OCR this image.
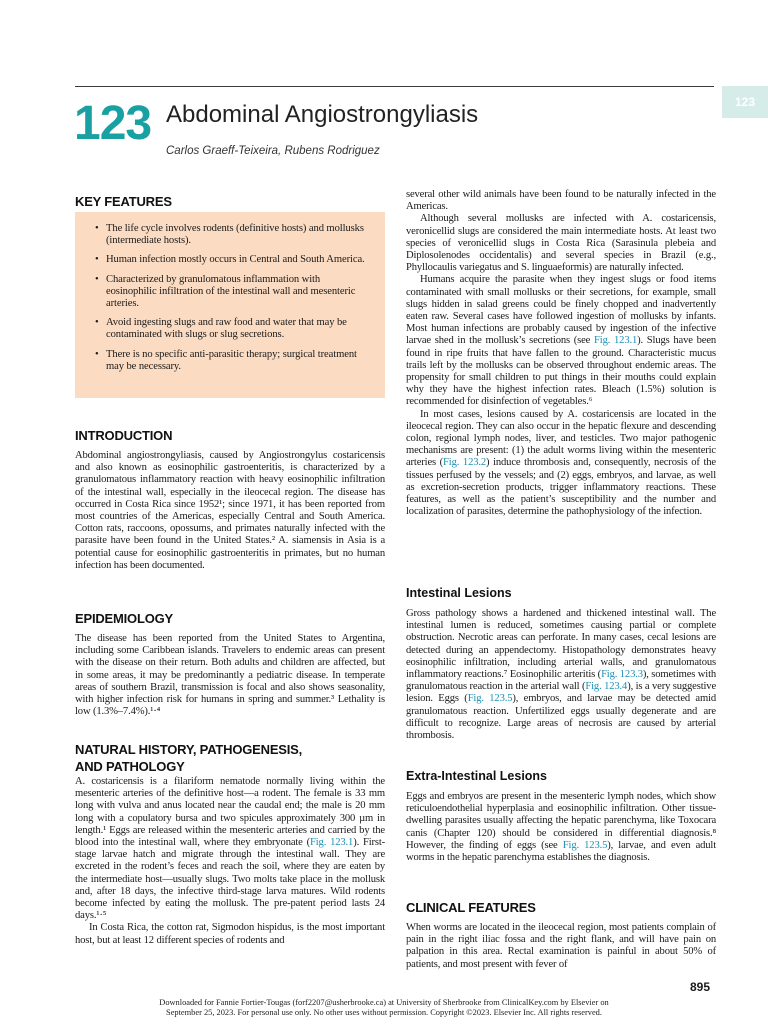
123
123 Abdominal Angiostrongyliasis
Carlos Graeff-Teixeira, Rubens Rodriguez
KEY FEATURES
• The life cycle involves rodents (definitive hosts) and mollusks (intermediate hosts).
• Human infection mostly occurs in Central and South America.
• Characterized by granulomatous inflammation with eosinophilic infiltration of the intestinal wall and mesenteric arteries.
• Avoid ingesting slugs and raw food and water that may be contaminated with slugs or slug secretions.
• There is no specific anti-parasitic therapy; surgical treatment may be necessary.
INTRODUCTION

Abdominal angiostrongyliasis, caused by Angiostrongylus costaricensis and also known as eosinophilic gastroenteritis, is characterized by a granulomatous inflammatory reaction with heavy eosinophilic infiltration of the intestinal wall, especially in the ileocecal region. The disease has occurred in Costa Rica since 1952¹; since 1971, it has been reported from most countries of the Americas, especially Central and South America. Cotton rats, raccoons, opossums, and primates naturally infected with the parasite have been found in the United States.² A. siamensis in Asia is a potential cause for eosinophilic gastroenteritis in primates, but no human infection has been documented.

EPIDEMIOLOGY

The disease has been reported from the United States to Argentina, including some Caribbean islands. Travelers to endemic areas can present with the disease on their return. Both adults and children are affected, but in some areas, it may be predominantly a pediatric disease. In temperate areas of southern Brazil, transmission is focal and also shows seasonality, with higher infection risk for humans in spring and summer.³ Lethality is low (1.3%–7.4%).¹·⁴

NATURAL HISTORY, PATHOGENESIS,
AND PATHOLOGY

A. costaricensis is a filariform nematode normally living within the mesenteric arteries of the definitive host—a rodent. The female is 33 mm long with vulva and anus located near the caudal end; the male is 20 mm long with a copulatory bursa and two spicules approximately 300 µm in length.¹ Eggs are released within the mesenteric arteries and carried by the blood into the intestinal wall, where they embryonate (Fig. 123.1). First-stage larvae hatch and migrate through the intestinal wall. They are excreted in the rodent’s feces and reach the soil, where they are eaten by the intermediate host—usually slugs. Two molts take place in the mollusk and, after 18 days, the infective third-stage larva matures. Wild rodents become infected by eating the mollusk. The pre-patent period lasts 24 days.¹·⁵

In Costa Rica, the cotton rat, Sigmodon hispidus, is the most important host, but at least 12 different species of rodents and

several other wild animals have been found to be naturally infected in the Americas.

Although several mollusks are infected with A. costaricensis, veronicellid slugs are considered the main intermediate hosts. At least two species of veronicellid slugs in Costa Rica (Sarasinula plebeia and Diplosolenodes occidentalis) and several species in Brazil (e.g., Phyllocaulis variegatus and S. linguaeformis) are naturally infected.

Humans acquire the parasite when they ingest slugs or food items contaminated with small mollusks or their secretions, for example, small slugs hidden in salad greens could be finely chopped and inadvertently eaten raw. Several cases have followed ingestion of mollusks by infants. Most human infections are probably caused by ingestion of the infective larvae shed in the mollusk’s secretions (see Fig. 123.1). Slugs have been found in ripe fruits that have fallen to the ground. Characteristic mucus trails left by the mollusks can be observed throughout endemic areas. The propensity for small children to put things in their mouths could explain why they have the highest infection rates. Bleach (1.5%) solution is recommended for disinfection of vegetables.⁶

In most cases, lesions caused by A. costaricensis are located in the ileocecal region. They can also occur in the hepatic flexure and descending colon, regional lymph nodes, liver, and testicles. Two major pathogenic mechanisms are present: (1) the adult worms living within the mesenteric arteries (Fig. 123.2) induce thrombosis and, consequently, necrosis of the tissues perfused by the vessels; and (2) eggs, embryos, and larvae, as well as excretion-secretion products, trigger inflammatory reactions. These features, as well as the patient’s susceptibility and the number and localization of parasites, determine the pathophysiology of the infection.

Intestinal Lesions

Gross pathology shows a hardened and thickened intestinal wall. The intestinal lumen is reduced, sometimes causing partial or complete obstruction. Necrotic areas can perforate. In many cases, cecal lesions are detected during an appendectomy. Histopathology demonstrates heavy eosinophilic infiltration, including arterial walls, and granulomatous inflammatory reactions.⁷ Eosinophilic arteritis (Fig. 123.3), sometimes with granulomatous reaction in the arterial wall (Fig. 123.4), is a very suggestive lesion. Eggs (Fig. 123.5), embryos, and larvae may be detected amid granulomatous reaction. Unfertilized eggs usually degenerate and are difficult to recognize. Large areas of necrosis are caused by arterial thrombosis.

Extra-Intestinal Lesions

Eggs and embryos are present in the mesenteric lymph nodes, which show reticuloendothelial hyperplasia and eosinophilic infiltration. Other tissue-dwelling parasites usually affecting the hepatic parenchyma, like Toxocara canis (Chapter 120) should be considered in differential diagnosis.⁸ However, the finding of eggs (see Fig. 123.5), larvae, and even adult worms in the hepatic parenchyma establishes the diagnosis.

CLINICAL FEATURES

When worms are located in the ileocecal region, most patients complain of pain in the right iliac fossa and the right flank, and will have pain on palpation in this area. Rectal examination is painful in about 50% of patients, and most present with fever of

895
Downloaded for Fannie Fortier-Tougas (forf2207@usherbrooke.ca) at University of Sherbrooke from ClinicalKey.com by Elsevier on
September 25, 2023. For personal use only. No other uses without permission. Copyright ©2023. Elsevier Inc. All rights reserved.
